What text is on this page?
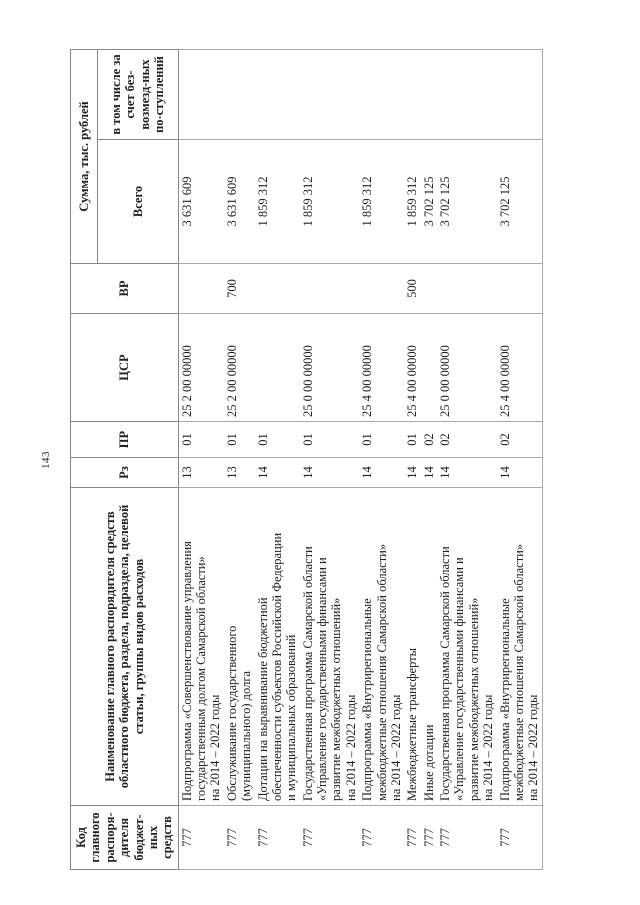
143
Код главного распоря-дителя бюджет-ных средств	Наименование главного распорядителя средств областного бюджета, раздела, подраздела, целевой статьи, группы видов расходов	Рз	ПР	ЦСР	ВР	Сумма, тыс. рублей	
						Всего	в том числе за счет без-возмезд-ных по-ступлений
777	Подпрограмма «Совершенствование управления государственным долгом Самарской области» на 2014 – 2022 годы	13	01	25 2 00 00000		3 631 609	
777	Обслуживание государственного (муниципального) долга	13	01	25 2 00 00000	700	3 631 609	
777	Дотации на выравнивание бюджетной обеспеченности субъектов Российской Федерации и муниципальных образований	14	01			1 859 312	
777	Государственная программа Самарской области «Управление государственными финансами и развитие межбюджетных отношений» на 2014 – 2022 годы	14	01	25 0 00 00000		1 859 312	
777	Подпрограмма «Внутрирегиональные межбюджетные отношения Самарской области» на 2014 – 2022 годы	14	01	25 4 00 00000		1 859 312	
777	Межбюджетные трансферты	14	01	25 4 00 00000	500	1 859 312	
777	Иные дотации	14	02			3 702 125	
777	Государственная программа Самарской области «Управление государственными финансами и развитие межбюджетных отношений» на 2014 – 2022 годы	14	02	25 0 00 00000		3 702 125	
777	Подпрограмма «Внутрирегиональные межбюджетные отношения Самарской области» на 2014 – 2022 годы	14	02	25 4 00 00000		3 702 125	
